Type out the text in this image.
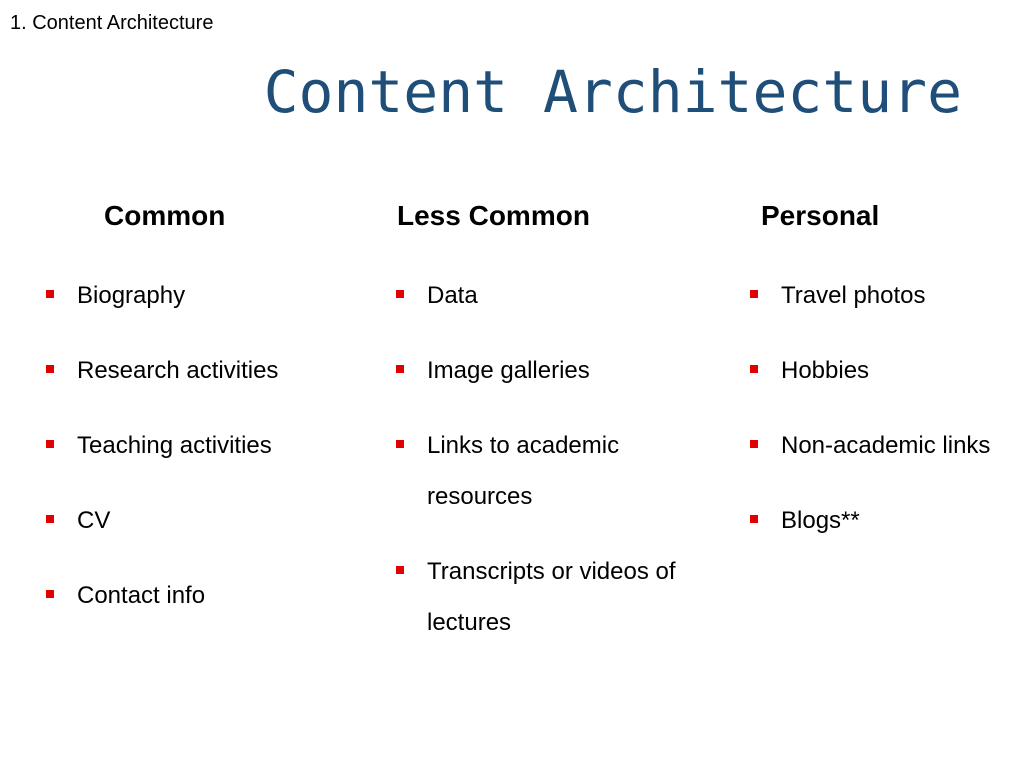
1. Content Architecture
Content Architecture
Common
Biography
Research activities
Teaching activities
CV
Contact info
Less Common
Data
Image galleries
Links to academic resources
Transcripts or videos of lectures
Personal
Travel photos
Hobbies
Non-academic links
Blogs**
